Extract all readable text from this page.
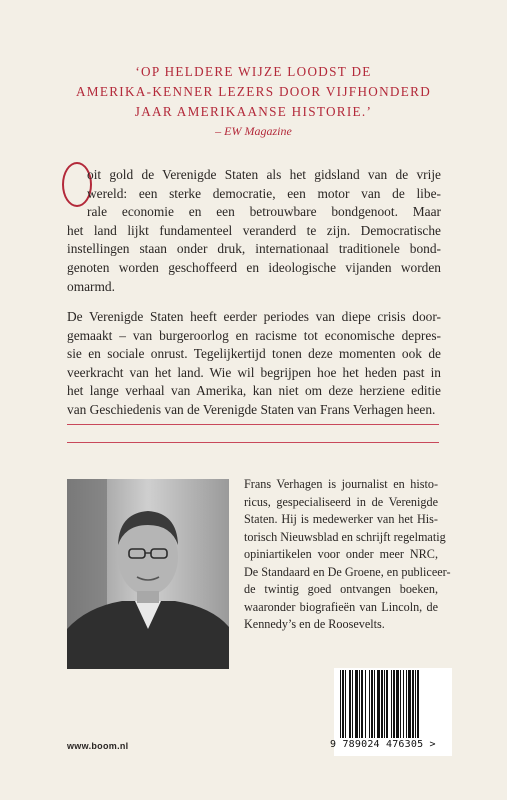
‘OP HELDERE WIJZE LOODST DE
AMERIKA-KENNER LEZERS DOOR VIJFHONDERD
JAAR AMERIKAANSE HISTORIE.’
– EW Magazine
oit gold de Verenigde Staten als het gidsland van de vrije
wereld: een sterke democratie, een motor van de libe-
rale economie en een betrouwbare bondgenoot. Maar
het land lijkt fundamenteel veranderd te zijn. Democratische
instellingen staan onder druk, internationaal traditionele bond-
genoten worden geschoffeerd en ideologische vijanden worden
omarmd.
De Verenigde Staten heeft eerder periodes van diepe crisis door-
gemaakt – van burgeroorlog en racisme tot economische depres-
sie en sociale onrust. Tegelijkertijd tonen deze momenten ook de
veerkracht van het land. Wie wil begrijpen hoe het heden past in
het lange verhaal van Amerika, kan niet om deze herziene editie
van Geschiedenis van de Verenigde Staten van Frans Verhagen heen.
Frans Verhagen is journalist en histo-
ricus, gespecialiseerd in de Verenigde
Staten. Hij is medewerker van het His-
torisch Nieuwsblad en schrijft regelmatig
opiniartikelen voor onder meer NRC,
De Standaard en De Groene, en publiceer-
de twintig goed ontvangen boeken,
waaronder biografieën van Lincoln, de
Kennedy’s en de Roosevelts.
www.boom.nl	9 789024 476305 >
